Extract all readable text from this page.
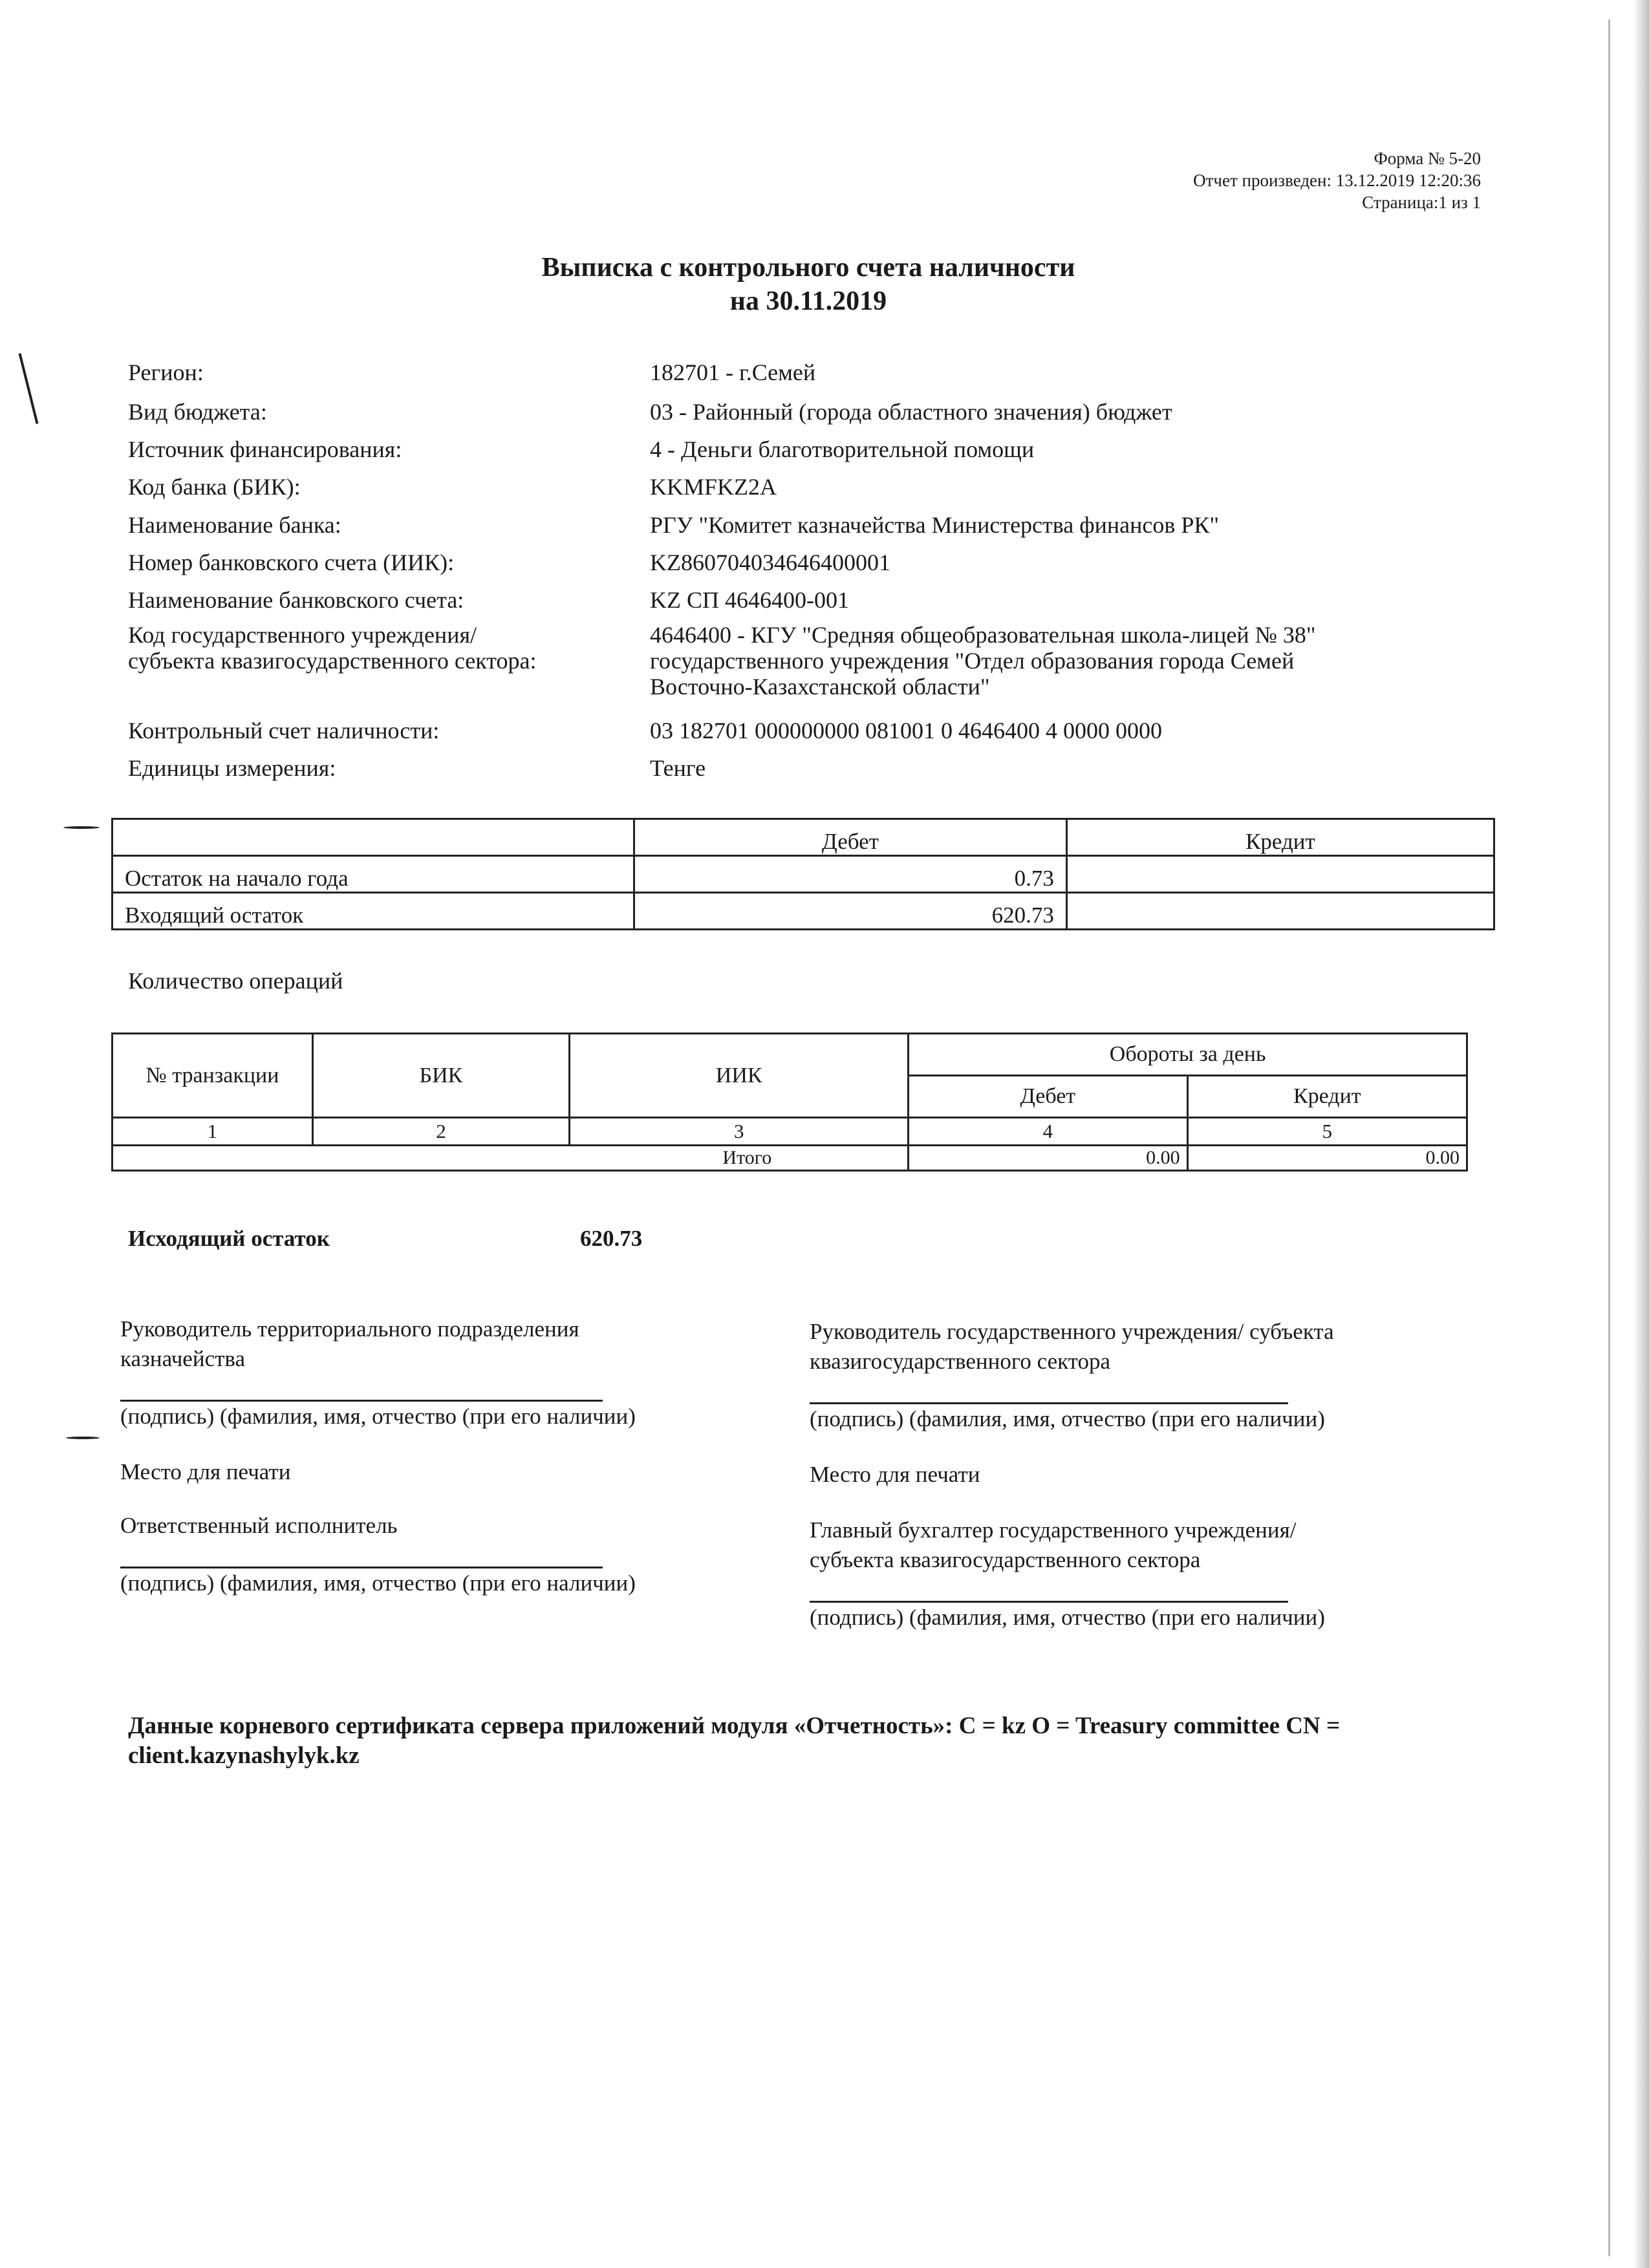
Форма № 5-20
Отчет произведен: 13.12.2019 12:20:36
Страница:1 из 1
Выписка с контрольного счета наличности
на 30.11.2019
Регион:	182701 - г.Семей
Вид бюджета:	03 - Районный (города областного значения) бюджет
Источник финансирования:	4 - Деньги благотворительной помощи
Код банка (БИК):	KKMFKZ2A
Наименование банка:	РГУ "Комитет казначейства Министерства финансов РК"
Номер банковского счета (ИИК):	KZ860704034646400001
Наименование банковского счета:	KZ СП 4646400-001
Код государственного учреждения/
субъекта квазигосударственного сектора:
4646400 - КГУ "Средняя общеобразовательная школа-лицей № 38"
государственного учреждения "Отдел образования города Семей
Восточно-Казахстанской области"
Контрольный счет наличности:	03 182701 000000000 081001 0 4646400 4 0000 0000
Единицы измерения:	Тенге
	Дебет	Кредит
Остаток на начало года	0.73	
Входящий остаток	620.73	
Количество операций
№ транзакции	БИК	ИИК	Обороты за день	
			Дебет	Кредит
1	2	3	4	5
Итого			0.00	0.00
Исходящий остаток	620.73
Руководитель территориального подразделения
казначейства
(подпись) (фамилия, имя, отчество (при его наличии)
Место для печати
Ответственный исполнитель
(подпись) (фамилия, имя, отчество (при его наличии)
Руководитель государственного учреждения/ субъекта
квазигосударственного сектора
(подпись) (фамилия, имя, отчество (при его наличии)
Место для печати
Главный бухгалтер государственного учреждения/
субъекта квазигосударственного сектора
(подпись) (фамилия, имя, отчество (при его наличии)
Данные корневого сертификата сервера приложений модуля «Отчетность»: C = kz O = Treasury committee CN = client.kazynashylyk.kz
